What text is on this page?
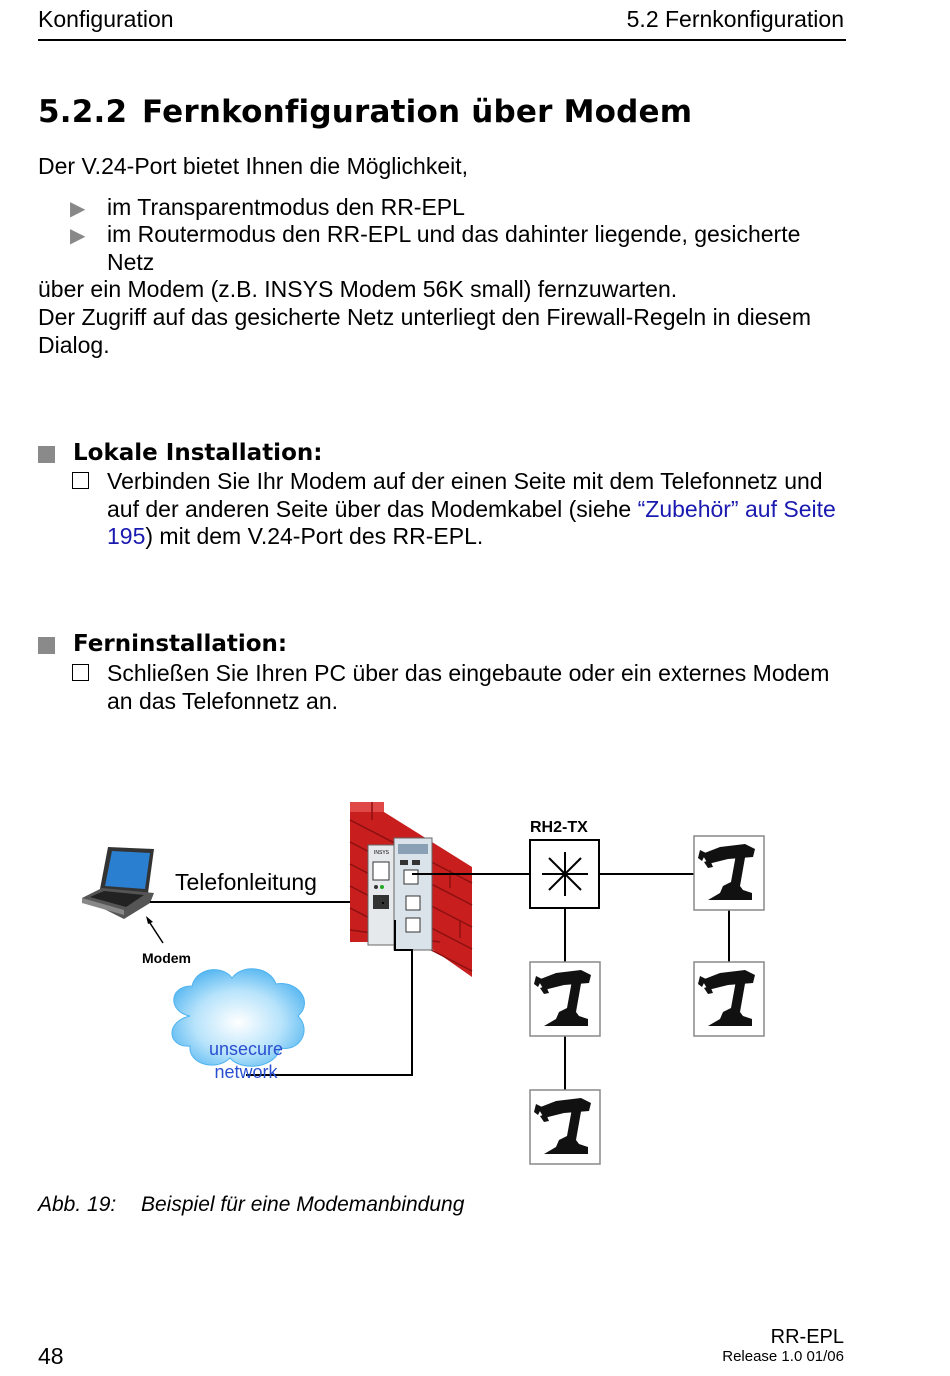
Konfiguration	5.2 Fernkonfiguration
5.2.2 Fernkonfiguration über Modem
Der V.24-Port bietet Ihnen die Möglichkeit,
▶ im Transparentmodus den RR-EPL
▶ im Routermodus den RR-EPL und das dahinter liegende, gesicherte Netz
über ein Modem (z.B. INSYS Modem 56K small) fernzuwarten.
Der Zugriff auf das gesicherte Netz unterliegt den Firewall-Regeln in diesem Dialog.
Lokale Installation:
Verbinden Sie Ihr Modem auf der einen Seite mit dem Telefonnetz und auf der anderen Seite über das Modemkabel (siehe “Zubehör” auf Seite 195) mit dem V.24-Port des RR-EPL.
Ferninstallation:
Schließen Sie Ihren PC über das eingebaute oder ein externes Modem an das Telefonnetz an.
Modem
Telefonleitung
INSYS
RH2-TX
unsecure
network
Abb. 19: Beispiel für eine Modemanbindung
48
RR-EPL
Release 1.0 01/06
